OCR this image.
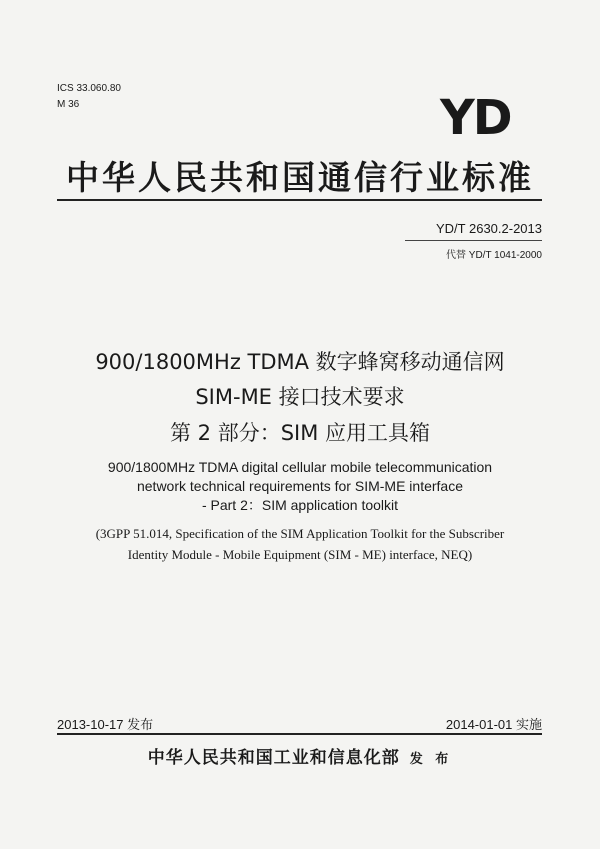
ICS 33.060.80
M 36	YD
中华人民共和国通信行业标准
YD/T 2630.2-2013
代替 YD/T 1041-2000
900/1800MHz TDMA 数字蜂窝移动通信网
SIM-ME 接口技术要求
第 2 部分：SIM 应用工具箱
900/1800MHz TDMA digital cellular mobile telecommunication
network technical requirements for SIM-ME interface
- Part 2：SIM application toolkit
(3GPP 51.014, Specification of the SIM Application Toolkit for the Subscriber
Identity Module - Mobile Equipment (SIM - ME) interface, NEQ)
2013-10-17 发布	2014-01-01 实施
中华人民共和国工业和信息化部 发 布
